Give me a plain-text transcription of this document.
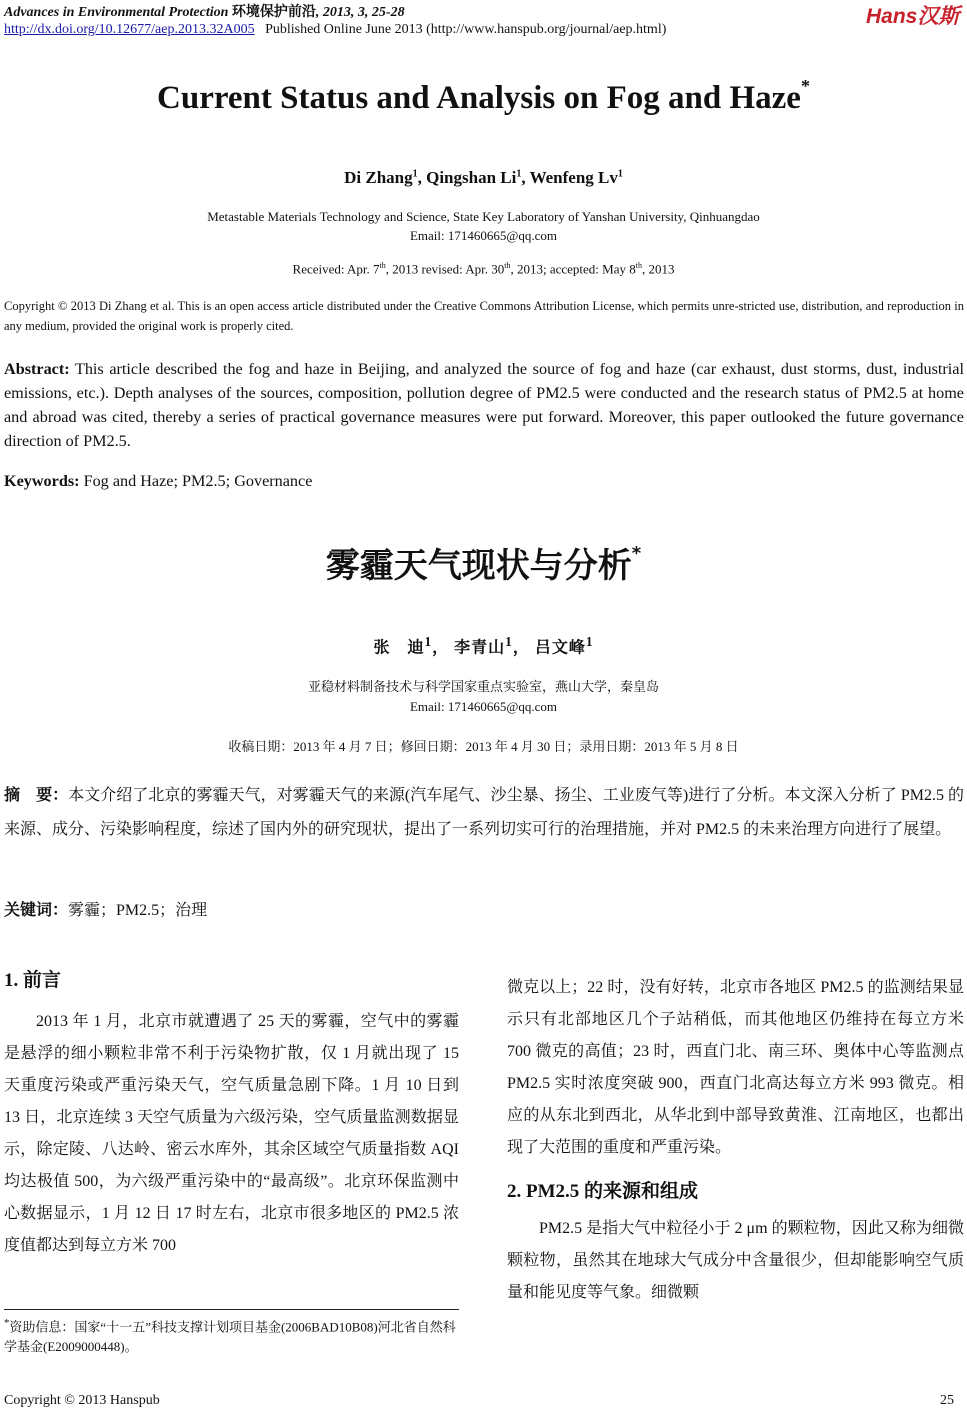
Advances in Environmental Protection 环境保护前沿, 2013, 3, 25-28
http://dx.doi.org/10.12677/aep.2013.32A005 Published Online June 2013 (http://www.hanspub.org/journal/aep.html)
Hans汉斯
Current Status and Analysis on Fog and Haze*
Di Zhang$^1$, Qingshan Li$^1$, Wenfeng Lv$^1$
Metastable Materials Technology and Science, State Key Laboratory of Yanshan University, Qinhuangdao
Email: 171460665@qq.com
Received: Apr. 7th, 2013 revised: Apr. 30th, 2013; accepted: May 8th, 2013
Copyright © 2013 Di Zhang et al. This is an open access article distributed under the Creative Commons Attribution License, which permits unre-stricted use, distribution, and reproduction in any medium, provided the original work is properly cited.
Abstract: This article described the fog and haze in Beijing, and analyzed the source of fog and haze (car exhaust, dust storms, dust, industrial emissions, etc.). Depth analyses of the sources, composition, pollution degree of PM2.5 were conducted and the research status of PM2.5 at home and abroad was cited, thereby a series of practical governance measures were put forward. Moreover, this paper outlooked the future governance direction of PM2.5.
Keywords: Fog and Haze; PM2.5; Governance
雾霾天气现状与分析*
张　迪$^1$， 李青山$^1$， 吕文峰$^1$
亚稳材料制备技术与科学国家重点实验室，燕山大学，秦皇岛
Email: 171460665@qq.com
收稿日期：2013 年 4 月 7 日；修回日期：2013 年 4 月 30 日；录用日期：2013 年 5 月 8 日
摘　要：本文介绍了北京的雾霾天气，对雾霾天气的来源(汽车尾气、沙尘暴、扬尘、工业废气等)进行了分析。本文深入分析了 PM2.5 的来源、成分、污染影响程度，综述了国内外的研究现状，提出了一系列切实可行的治理措施，并对 PM2.5 的未来治理方向进行了展望。
关键词：雾霾；PM2.5；治理
1. 前言

2013 年 1 月，北京市就遭遇了 25 天的雾霾，空气中的雾霾是悬浮的细小颗粒非常不利于污染物扩散，仅 1 月就出现了 15 天重度污染或严重污染天气，空气质量急剧下降。1 月 10 日到 13 日，北京连续 3 天空气质量为六级污染，空气质量监测数据显示，除定陵、八达岭、密云水库外，其余区域空气质量指数 AQI 均达极值 500，为六级严重污染中的“最高级”。北京环保监测中心数据显示，1 月 12 日 17 时左右，北京市很多地区的 PM2.5 浓度值都达到每立方米 700

微克以上；22 时，没有好转，北京市各地区 PM2.5 的监测结果显示只有北部地区几个子站稍低，而其他地区仍维持在每立方米 700 微克的高值；23 时，西直门北、南三环、奥体中心等监测点 PM2.5 实时浓度突破 900，西直门北高达每立方米 993 微克。相应的从东北到西北，从华北到中部导致黄淮、江南地区，也都出现了大范围的重度和严重污染。

2. PM2.5 的来源和组成

PM2.5 是指大气中粒径小于 2 μm 的颗粒物，因此又称为细微颗粒物，虽然其在地球大气成分中含量很少，但却能影响空气质量和能见度等气象。细微颗

*资助信息：国家“十一五”科技支撑计划项目基金(2006BAD10B08)河北省自然科学基金(E2009000448)。
Copyright © 2013 Hanspub	25
